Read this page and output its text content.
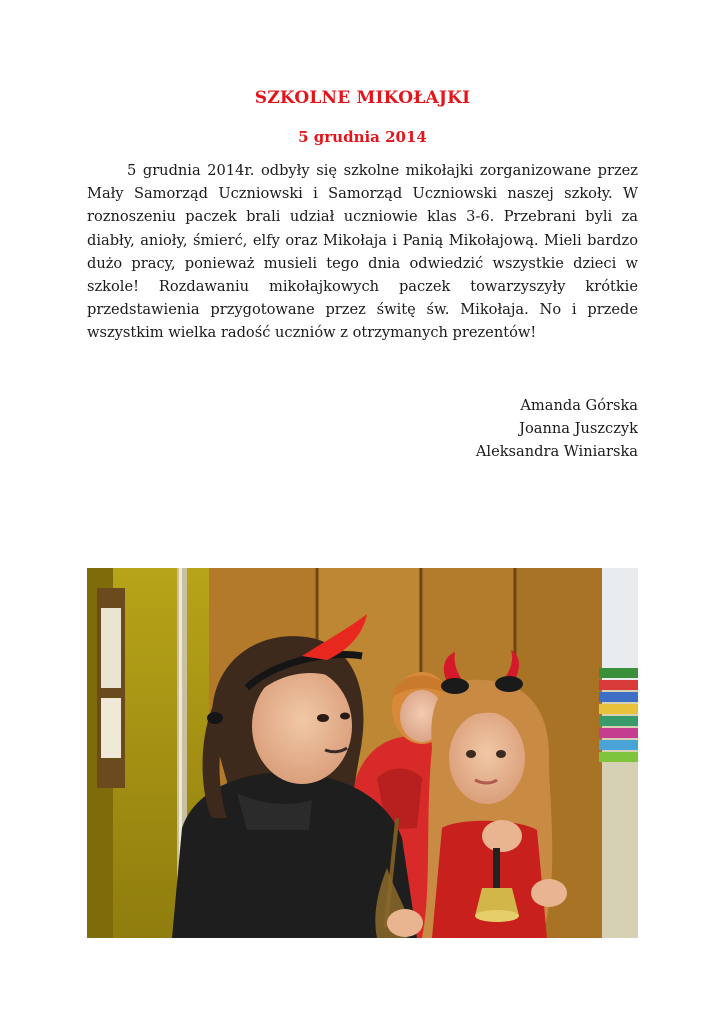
SZKOLNE MIKOŁAJKI
5 grudnia 2014

5 grudnia 2014r. odbyły się szkolne mikołajki zorganizowane przez Mały Samorząd Uczniowski i Samorząd Uczniowski naszej szkoły. W roznoszeniu paczek brali udział uczniowie klas 3-6. Przebrani byli za diabły, anioły, śmierć, elfy oraz Mikołaja i Panią Mikołajową. Mieli bardzo dużo pracy, ponieważ musieli tego dnia odwiedzić wszystkie dzieci w szkole! Rozdawaniu mikołajkowych paczek towarzyszyły krótkie przedstawienia przygotowane przez świtę św. Mikołaja. No i przede wszystkim wielka radość uczniów z otrzymanych prezentów!

Amanda Górska
Joanna Juszczyk
Aleksandra Winiarska
